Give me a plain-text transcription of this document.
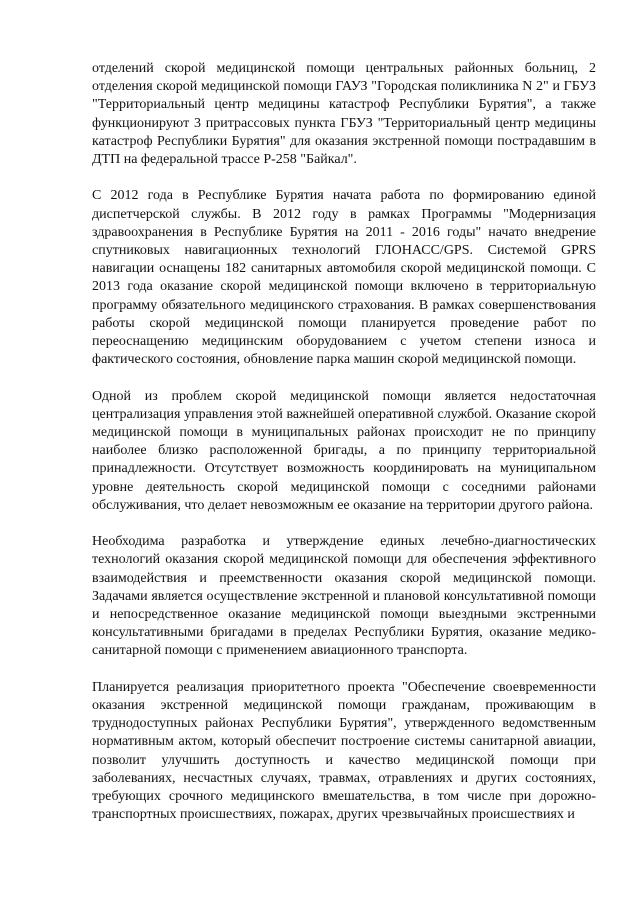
отделений скорой медицинской помощи центральных районных больниц, 2 отделения скорой медицинской помощи ГАУЗ "Городская поликлиника N 2" и ГБУЗ "Территориальный центр медицины катастроф Республики Бурятия", а также функционируют 3 притрассовых пункта ГБУЗ "Территориальный центр медицины катастроф Республики Бурятия" для оказания экстренной помощи пострадавшим в ДТП на федеральной трассе Р-258 "Байкал".

С 2012 года в Республике Бурятия начата работа по формированию единой диспетчерской службы. В 2012 году в рамках Программы "Модернизация здравоохранения в Республике Бурятия на 2011 - 2016 годы" начато внедрение спутниковых навигационных технологий ГЛОНАСС/GPS. Системой GPRS навигации оснащены 182 санитарных автомобиля скорой медицинской помощи. С 2013 года оказание скорой медицинской помощи включено в территориальную программу обязательного медицинского страхования. В рамках совершенствования работы скорой медицинской помощи планируется проведение работ по переоснащению медицинским оборудованием с учетом степени износа и фактического состояния, обновление парка машин скорой медицинской помощи.

Одной из проблем скорой медицинской помощи является недостаточная централизация управления этой важнейшей оперативной службой. Оказание скорой медицинской помощи в муниципальных районах происходит не по принципу наиболее близко расположенной бригады, а по принципу территориальной принадлежности. Отсутствует возможность координировать на муниципальном уровне деятельность скорой медицинской помощи с соседними районами обслуживания, что делает невозможным ее оказание на территории другого района.

Необходима разработка и утверждение единых лечебно-диагностических технологий оказания скорой медицинской помощи для обеспечения эффективного взаимодействия и преемственности оказания скорой медицинской помощи. Задачами является осуществление экстренной и плановой консультативной помощи и непосредственное оказание медицинской помощи выездными экстренными консультативными бригадами в пределах Республики Бурятия, оказание медико-санитарной помощи с применением авиационного транспорта.

Планируется реализация приоритетного проекта "Обеспечение своевременности оказания экстренной медицинской помощи гражданам, проживающим в труднодоступных районах Республики Бурятия", утвержденного ведомственным нормативным актом, который обеспечит построение системы санитарной авиации, позволит улучшить доступность и качество медицинской помощи при заболеваниях, несчастных случаях, травмах, отравлениях и других состояниях, требующих срочного медицинского вмешательства, в том числе при дорожно-транспортных происшествиях, пожарах, других чрезвычайных происшествиях и
